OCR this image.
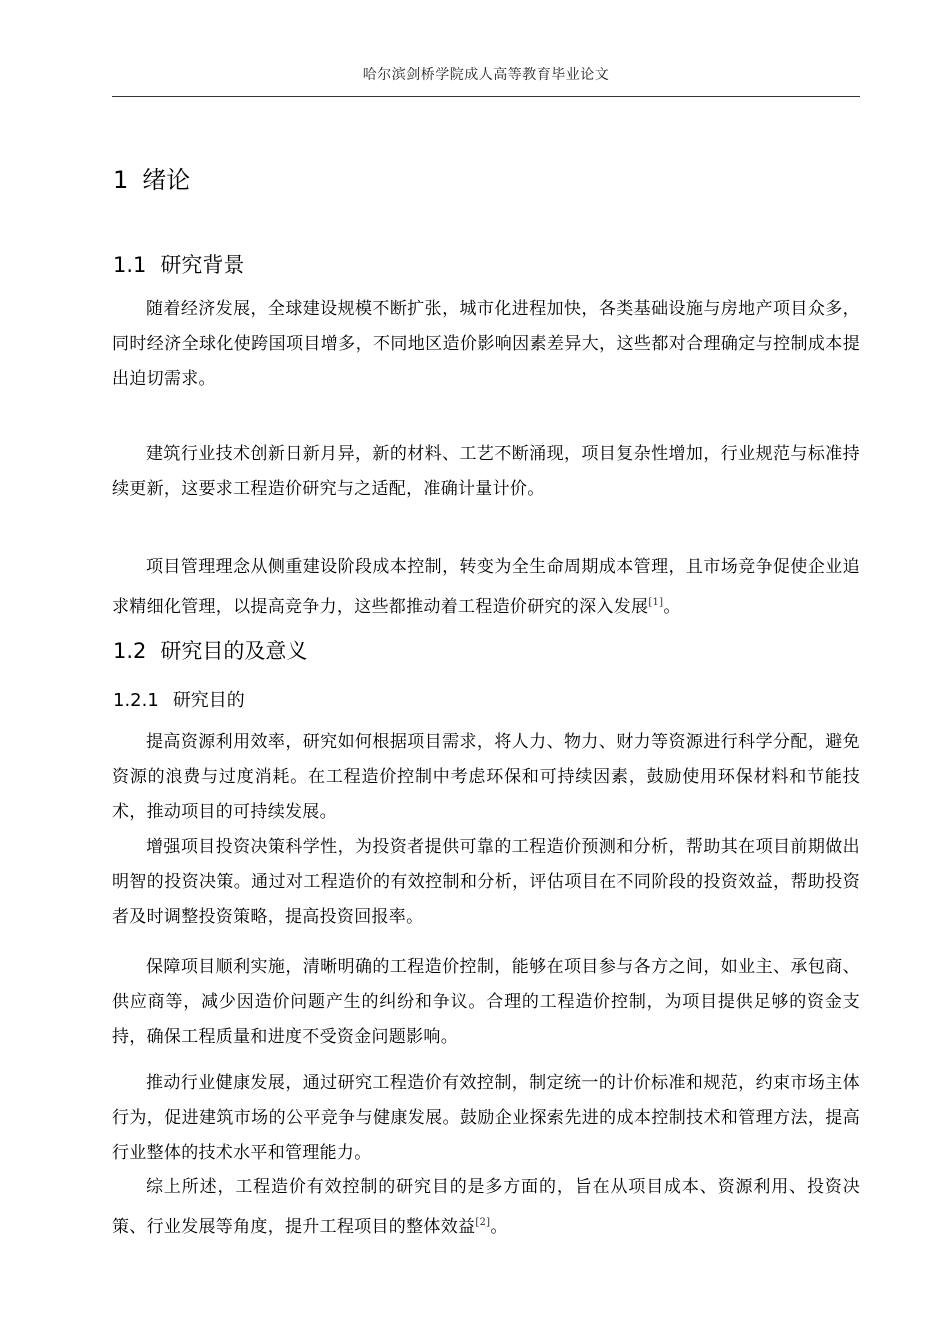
哈尔滨剑桥学院成人高等教育毕业论文
1 绪论
1.1 研究背景

随着经济发展，全球建设规模不断扩张，城市化进程加快，各类基础设施与房地产项目众多，同时经济全球化使跨国项目增多，不同地区造价影响因素差异大，这些都对合理确定与控制成本提出迫切需求。

建筑行业技术创新日新月异，新的材料、工艺不断涌现，项目复杂性增加，行业规范与标准持续更新，这要求工程造价研究与之适配，准确计量计价。

项目管理理念从侧重建设阶段成本控制，转变为全生命周期成本管理，且市场竞争促使企业追求精细化管理，以提高竞争力，这些都推动着工程造价研究的深入发展[1]。

1.2 研究目的及意义
1.2.1 研究目的

提高资源利用效率，研究如何根据项目需求，将人力、物力、财力等资源进行科学分配，避免资源的浪费与过度消耗。在工程造价控制中考虑环保和可持续因素，鼓励使用环保材料和节能技术，推动项目的可持续发展。

增强项目投资决策科学性，为投资者提供可靠的工程造价预测和分析，帮助其在项目前期做出明智的投资决策。通过对工程造价的有效控制和分析，评估项目在不同阶段的投资效益，帮助投资者及时调整投资策略，提高投资回报率。

保障项目顺利实施，清晰明确的工程造价控制，能够在项目参与各方之间，如业主、承包商、供应商等，减少因造价问题产生的纠纷和争议。合理的工程造价控制，为项目提供足够的资金支持，确保工程质量和进度不受资金问题影响。

推动行业健康发展，通过研究工程造价有效控制，制定统一的计价标准和规范，约束市场主体行为，促进建筑市场的公平竞争与健康发展。鼓励企业探索先进的成本控制技术和管理方法，提高行业整体的技术水平和管理能力。

综上所述，工程造价有效控制的研究目的是多方面的，旨在从项目成本、资源利用、投资决策、行业发展等角度，提升工程项目的整体效益[2]。
